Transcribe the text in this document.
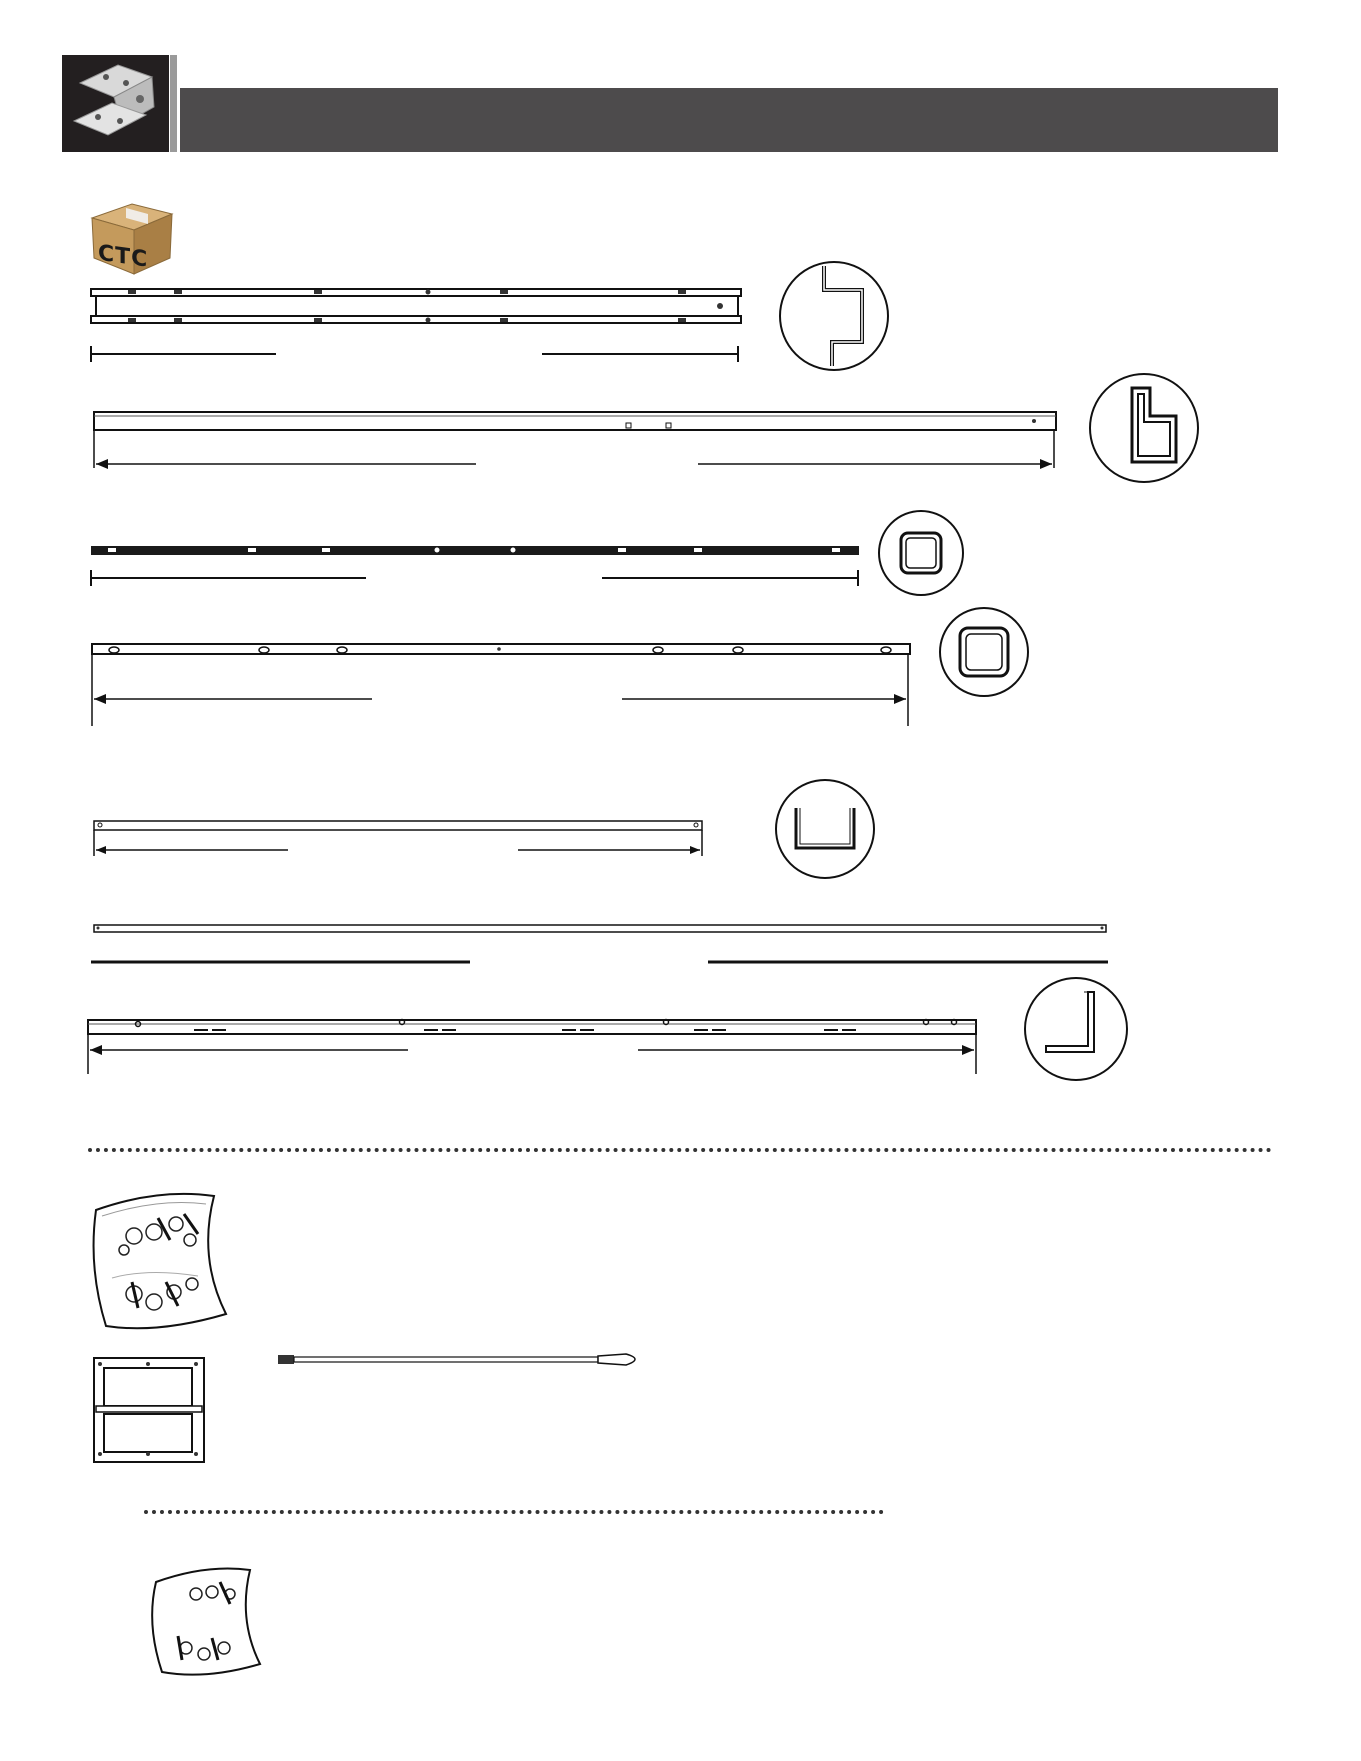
CTC
